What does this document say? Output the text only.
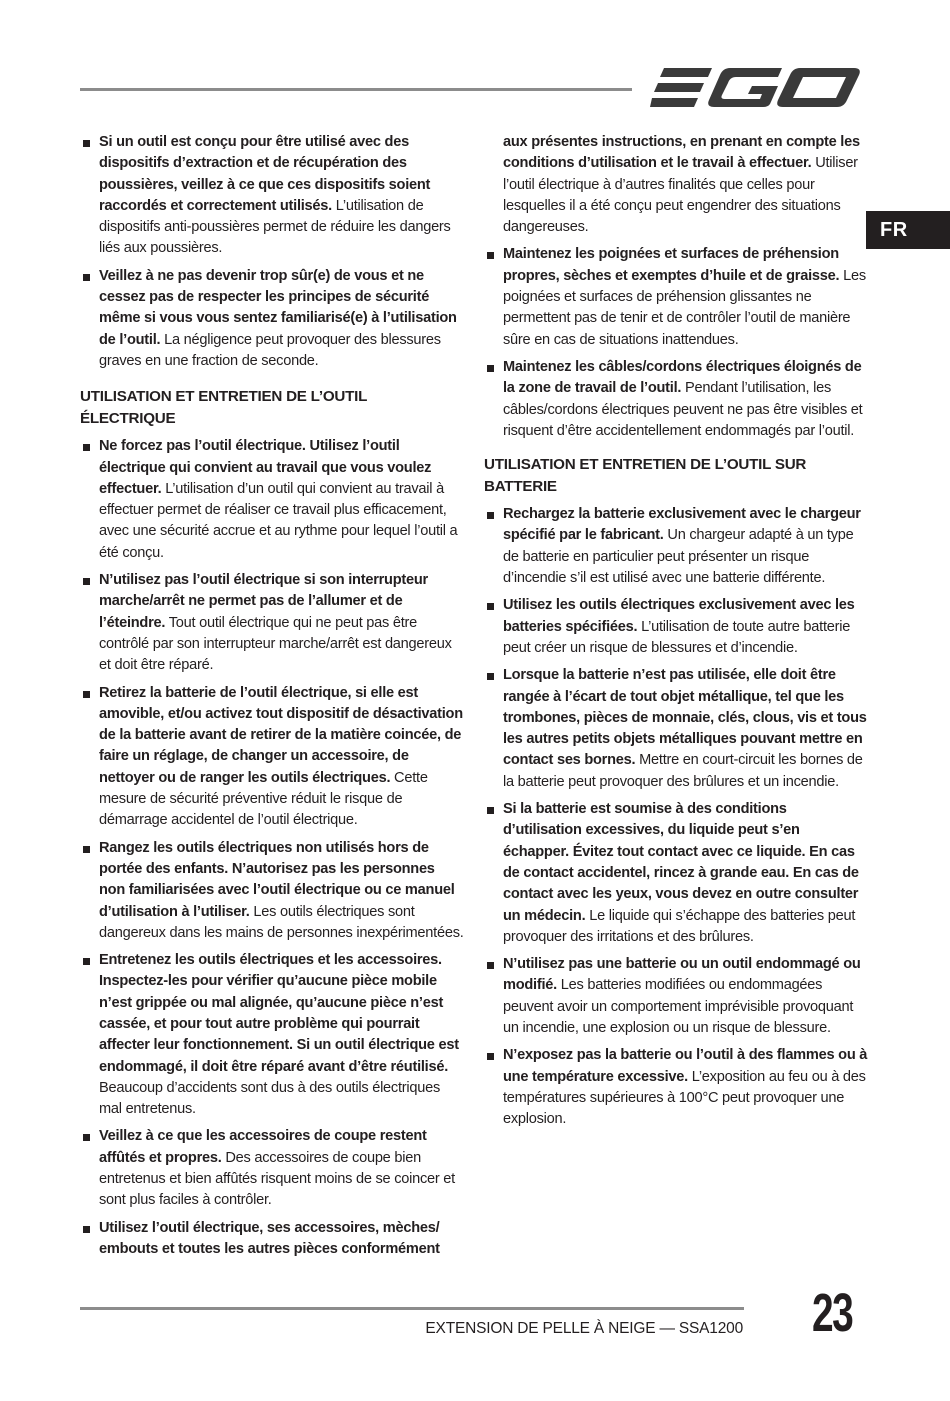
FR
Si un outil est conçu pour être utilisé avec des dispositifs d’extraction et de récupération des poussières, veillez à ce que ces dispositifs soient raccordés et correctement utilisés. L’utilisation de dispositifs anti-poussières permet de réduire les dangers liés aux poussières.
Veillez à ne pas devenir trop sûr(e) de vous et ne cessez pas de respecter les principes de sécurité même si vous vous sentez familiarisé(e) à l’utilisation de l’outil. La négligence peut provoquer des blessures graves en une fraction de seconde.
UTILISATION ET ENTRETIEN DE L’OUTIL ÉLECTRIQUE
Ne forcez pas l’outil électrique. Utilisez l’outil électrique qui convient au travail que vous voulez effectuer. L’utilisation d’un outil qui convient au travail à effectuer permet de réaliser ce travail plus efficacement, avec une sécurité accrue et au rythme pour lequel l’outil a été conçu.
N’utilisez pas l’outil électrique si son interrupteur marche/arrêt ne permet pas de l’allumer et de l’éteindre. Tout outil électrique qui ne peut pas être contrôlé par son interrupteur marche/arrêt est dangereux et doit être réparé.
Retirez la batterie de l’outil électrique, si elle est amovible, et/ou activez tout dispositif de désactivation de la batterie avant de retirer de la matière coincée, de faire un réglage, de changer un accessoire, de nettoyer ou de ranger les outils électriques. Cette mesure de sécurité préventive réduit le risque de démarrage accidentel de l’outil électrique.
Rangez les outils électriques non utilisés hors de portée des enfants. N’autorisez pas les personnes non familiarisées avec l’outil électrique ou ce manuel d’utilisation à l’utiliser. Les outils électriques sont dangereux dans les mains de personnes inexpérimentées.
Entretenez les outils électriques et les accessoires. Inspectez-les pour vérifier qu’aucune pièce mobile n’est grippée ou mal alignée, qu’aucune pièce n’est cassée, et pour tout autre problème qui pourrait affecter leur fonctionnement. Si un outil électrique est endommagé, il doit être réparé avant d’être réutilisé. Beaucoup d’accidents sont dus à des outils électriques mal entretenus.
Veillez à ce que les accessoires de coupe restent affûtés et propres. Des accessoires de coupe bien entretenus et bien affûtés risquent moins de se coincer et sont plus faciles à contrôler.
Utilisez l’outil électrique, ses accessoires, mèches/ embouts et toutes les autres pièces conformément
aux présentes instructions, en prenant en compte les conditions d’utilisation et le travail à effectuer. Utiliser l’outil électrique à d’autres finalités que celles pour lesquelles il a été conçu peut engendrer des situations dangereuses.
Maintenez les poignées et surfaces de préhension propres, sèches et exemptes d’huile et de graisse. Les poignées et surfaces de préhension glissantes ne permettent pas de tenir et de contrôler l’outil de manière sûre en cas de situations inattendues.
Maintenez les câbles/cordons électriques éloignés de la zone de travail de l’outil. Pendant l’utilisation, les câbles/cordons électriques peuvent ne pas être visibles et risquent d’être accidentellement endommagés par l’outil.
UTILISATION ET ENTRETIEN DE L’OUTIL SUR BATTERIE
Rechargez la batterie exclusivement avec le chargeur spécifié par le fabricant. Un chargeur adapté à un type de batterie en particulier peut présenter un risque d’incendie s’il est utilisé avec une batterie différente.
Utilisez les outils électriques exclusivement avec les batteries spécifiées. L’utilisation de toute autre batterie peut créer un risque de blessures et d’incendie.
Lorsque la batterie n’est pas utilisée, elle doit être rangée à l’écart de tout objet métallique, tel que les trombones, pièces de monnaie, clés, clous, vis et tous les autres petits objets métalliques pouvant mettre en contact ses bornes. Mettre en court-circuit les bornes de la batterie peut provoquer des brûlures et un incendie.
Si la batterie est soumise à des conditions d’utilisation excessives, du liquide peut s’en échapper. Évitez tout contact avec ce liquide. En cas de contact accidentel, rincez à grande eau. En cas de contact avec les yeux, vous devez en outre consulter un médecin. Le liquide qui s’échappe des batteries peut provoquer des irritations et des brûlures.
N’utilisez pas une batterie ou un outil endommagé ou modifié. Les batteries modifiées ou endommagées peuvent avoir un comportement imprévisible provoquant un incendie, une explosion ou un risque de blessure.
N’exposez pas la batterie ou l’outil à des flammes ou à une température excessive. L’exposition au feu ou à des températures supérieures à 100°C peut provoquer une explosion.
EXTENSION DE PELLE À NEIGE — SSA1200 23
